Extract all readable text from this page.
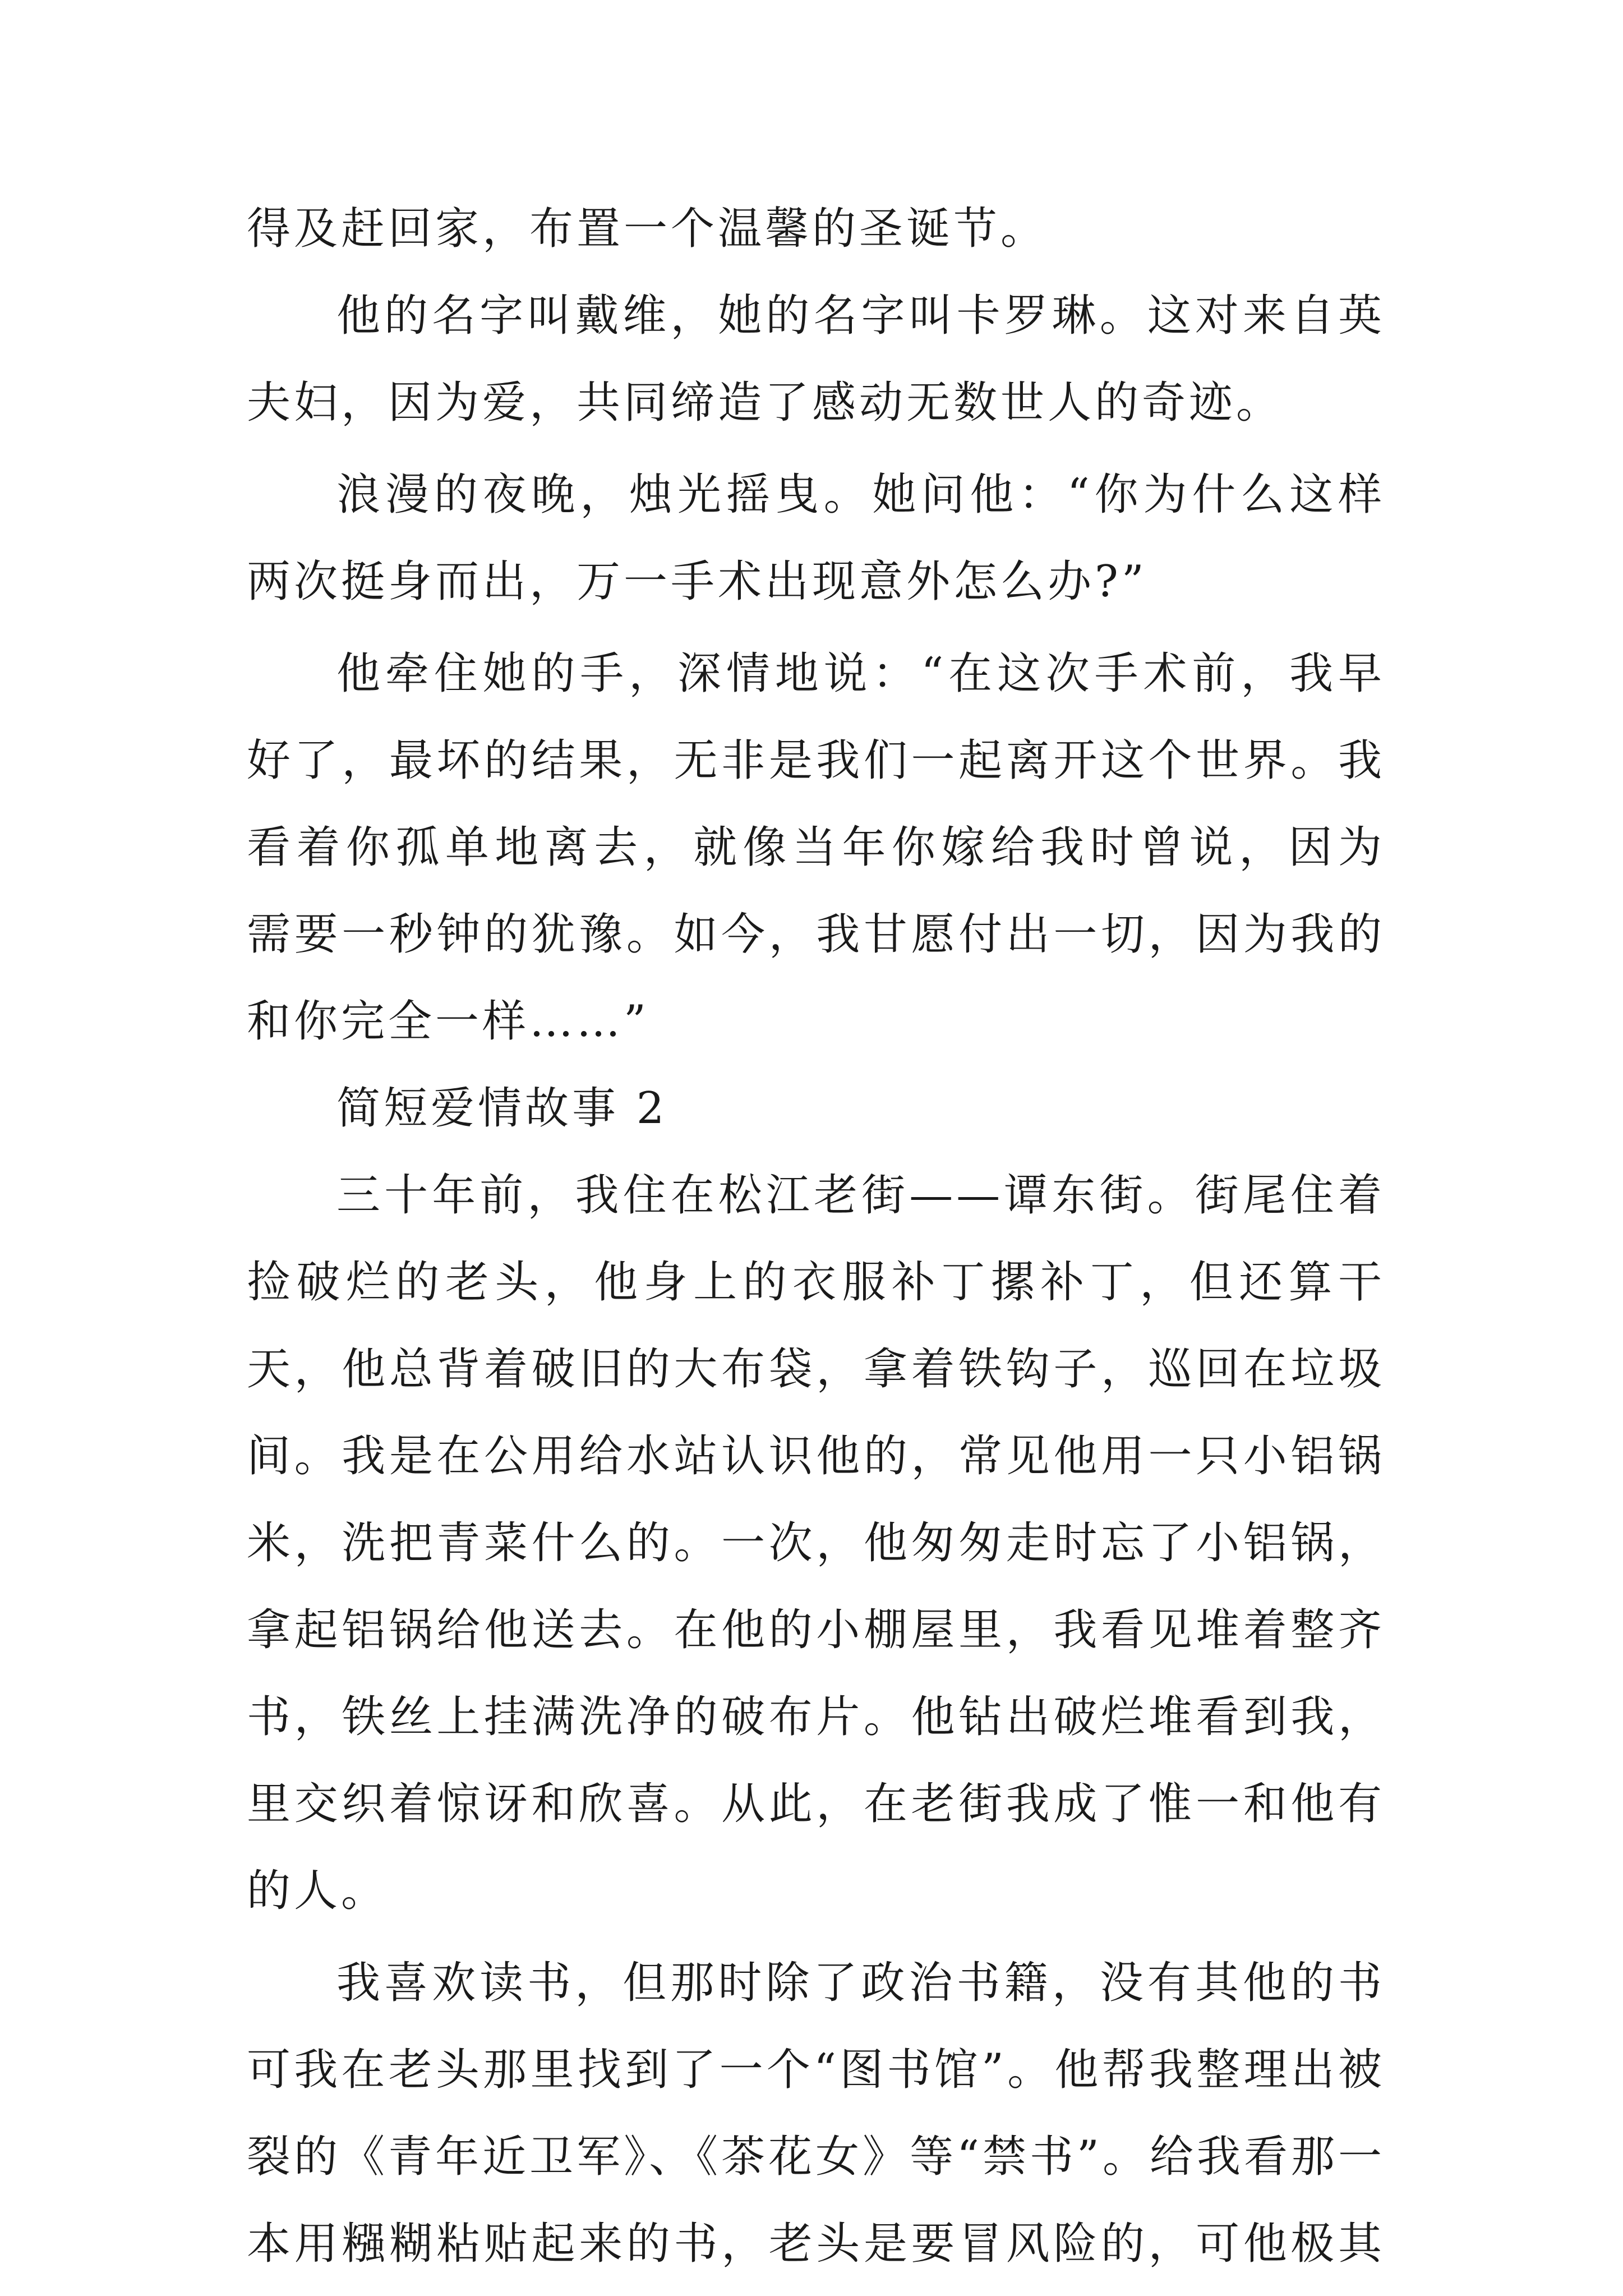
得及赶回家，布置一个温馨的圣诞节。
他的名字叫戴维，她的名字叫卡罗琳。这对来自英
夫妇，因为爱，共同缔造了感动无数世人的奇迹。
浪漫的夜晚，烛光摇曳。她问他：“你为什么这样
两次挺身而出，万一手术出现意外怎么办?”
他牵住她的手，深情地说：“在这次手术前，我早
好了，最坏的结果，无非是我们一起离开这个世界。我
看着你孤单地离去，就像当年你嫁给我时曾说，因为
需要一秒钟的犹豫。如今，我甘愿付出一切，因为我的
和你完全一样……”
简短爱情故事 2
三十年前，我住在松江老街——谭东街。街尾住着
捡破烂的老头，他身上的衣服补丁摞补丁，但还算干
天，他总背着破旧的大布袋，拿着铁钩子，巡回在垃圾
间。我是在公用给水站认识他的，常见他用一只小铝锅
米，洗把青菜什么的。一次，他匆匆走时忘了小铝锅，
拿起铝锅给他送去。在他的小棚屋里，我看见堆着整齐
书，铁丝上挂满洗净的破布片。他钻出破烂堆看到我，
里交织着惊讶和欣喜。从此，在老街我成了惟一和他有
的人。
我喜欢读书，但那时除了政治书籍，没有其他的书
可我在老头那里找到了一个“图书馆”。他帮我整理出被
裂的《青年近卫军》、《茶花女》等“禁书”。给我看那一
本用糨糊粘贴起来的书，老头是要冒风险的，可他极其
